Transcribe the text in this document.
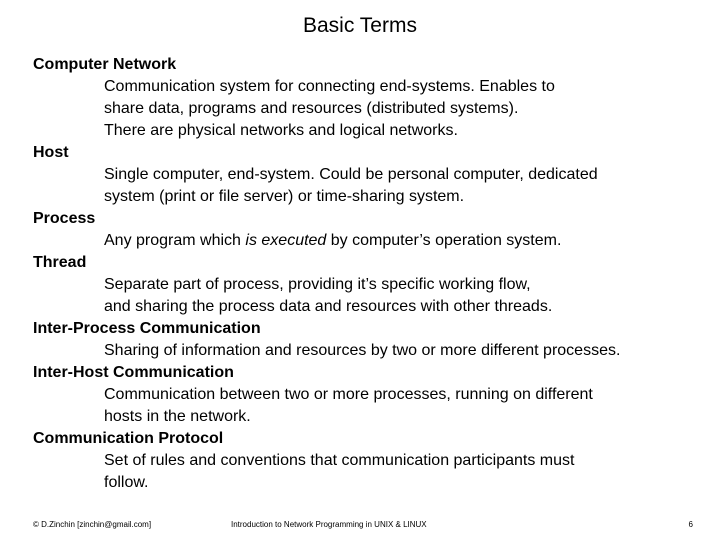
Basic Terms
Computer Network
Communication system for connecting end-systems. Enables to
share data, programs and resources (distributed systems).
There are physical networks and logical networks.
Host
Single computer, end-system. Could be personal computer, dedicated
system (print or file server) or time-sharing system.
Process
Any program which is executed by computer’s operation system.
Thread
Separate part of process, providing it’s specific working flow,
and sharing the process data and resources with other threads.
Inter-Process Communication
Sharing of information and resources by two or more different processes.
Inter-Host Communication
Communication between two or more processes, running on different
hosts in the network.
Communication Protocol
Set of rules and conventions that communication participants must
follow.
© D.Zinchin [zinchin@gmail.com]	Introduction to Network Programming in UNIX & LINUX	6
